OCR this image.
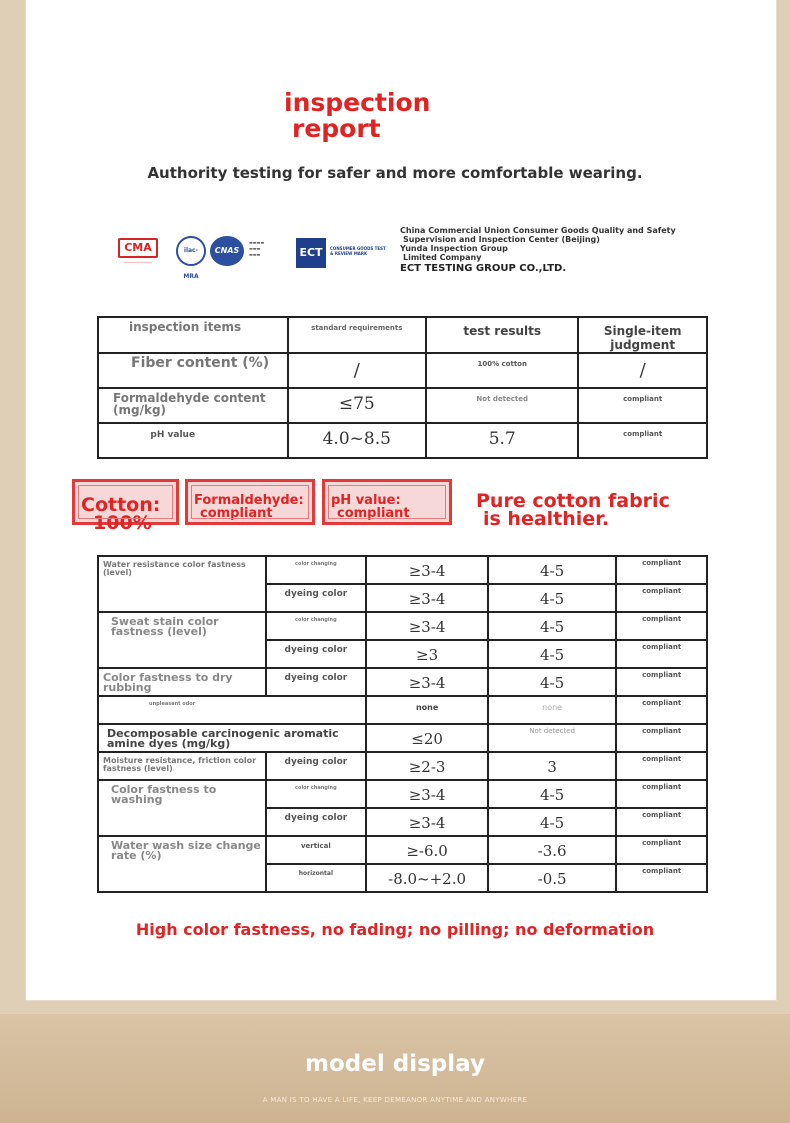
inspection
report
Authority testing for safer and more comfortable wearing.
CMA
———————
ilac-MRA
CNAS
▬▬▬▬
▬▬▬
▬▬▬	ECT	CONSUMER GOODS TEST & REVIEW MARK
China Commercial Union Consumer Goods Quality and Safety
Supervision and Inspection Center (Beijing)
Yunda Inspection Group
Limited Company
ECT TESTING GROUP CO.,LTD.
inspection items	standard requirements	test results	Single-item judgment
Fiber content (%)	/	100% cotton	/
Formaldehyde content (mg/kg)	≤75	Not detected	compliant
pH value	4.0~8.5	5.7	compliant
Cotton:
100%
Formaldehyde:
compliant
pH value:
compliant
Pure cotton fabric
is healthier.
Water resistance color fastness (level)	color changing	≥3-4	4-5	compliant
	dyeing color	≥3-4	4-5	compliant
Sweat stain color fastness (level)	color changing	≥3-4	4-5	compliant
	dyeing color	≥3	4-5	compliant
Color fastness to dry rubbing	dyeing color	≥3-4	4-5	compliant
unpleasant odor		none	none	compliant
Decomposable carcinogenic aromatic amine dyes (mg/kg)		≤20	Not detected	compliant
Moisture resistance, friction color fastness (level)	dyeing color	≥2-3	3	compliant
Color fastness to washing	color changing	≥3-4	4-5	compliant
	dyeing color	≥3-4	4-5	compliant
Water wash size change rate (%)	vertical	≥-6.0	-3.6	compliant
	horizontal	-8.0~+2.0	-0.5	compliant
High color fastness, no fading; no pilling; no deformation
model display
A MAN IS TO HAVE A LIFE, KEEP DEMEANOR ANYTIME AND ANYWHERE
